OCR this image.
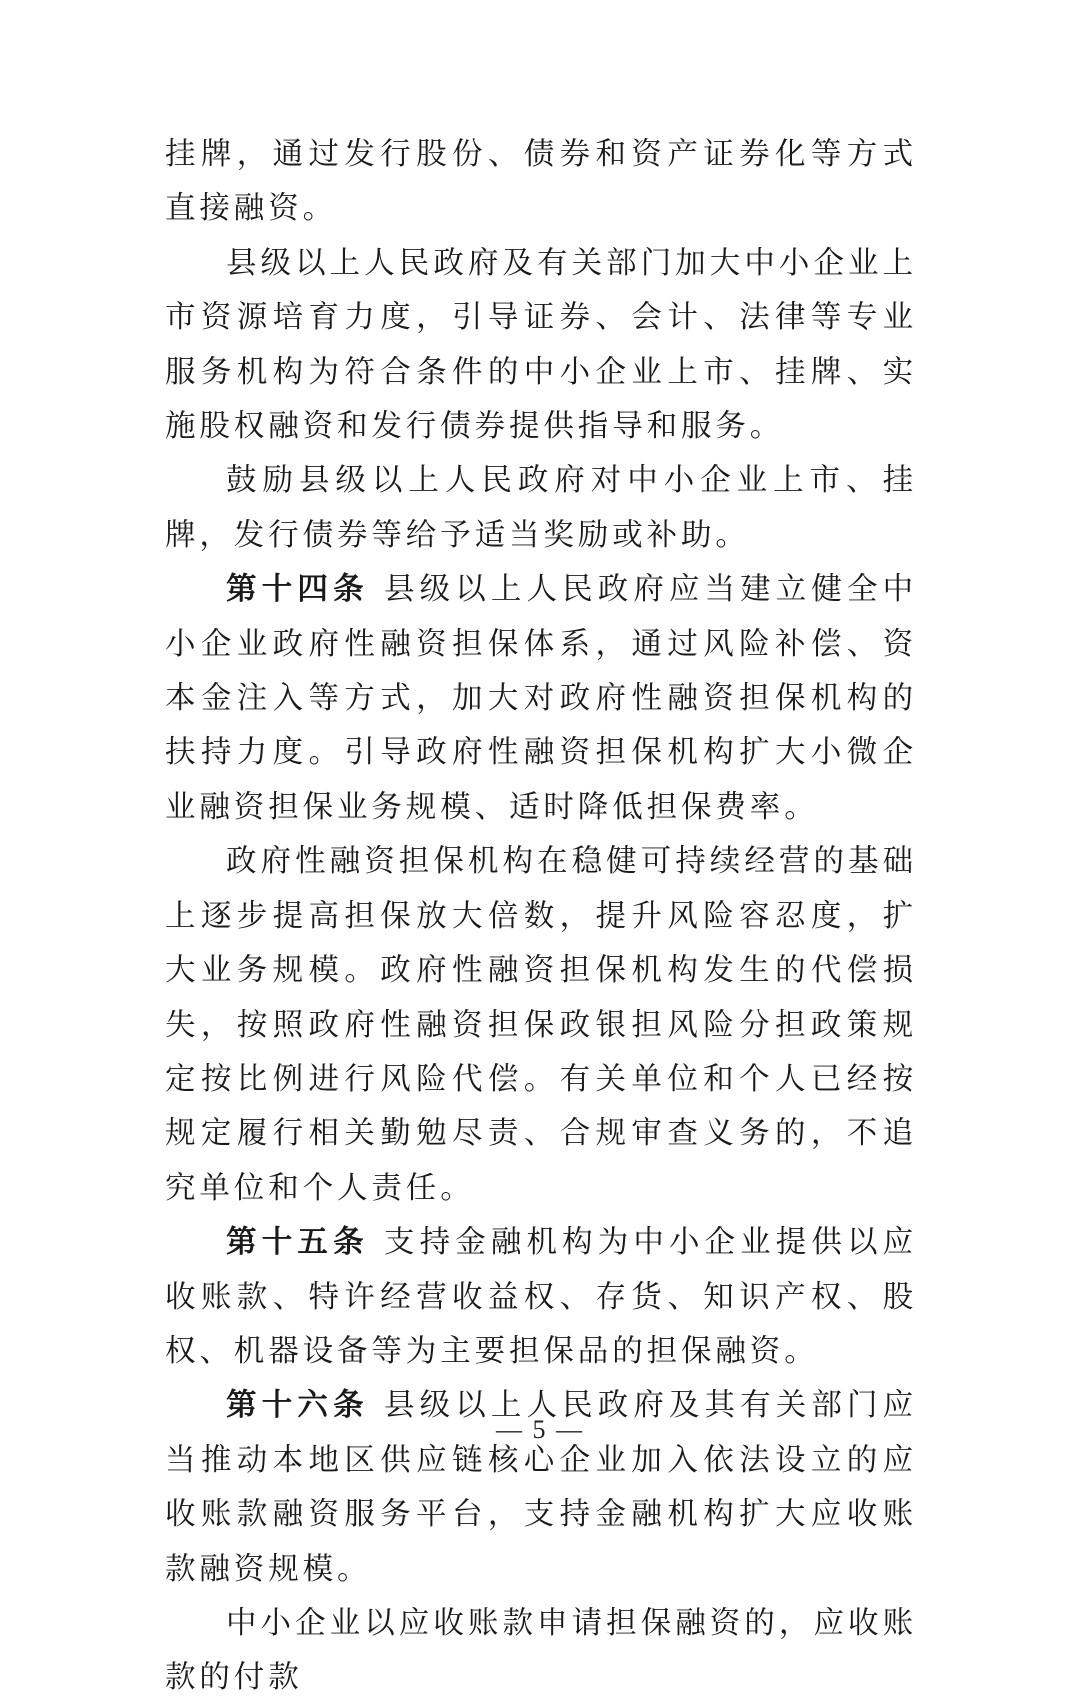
挂牌，通过发行股份、债券和资产证券化等方式直接融资。

县级以上人民政府及有关部门加大中小企业上市资源培育力度，引导证券、会计、法律等专业服务机构为符合条件的中小企业上市、挂牌、实施股权融资和发行债券提供指导和服务。

鼓励县级以上人民政府对中小企业上市、挂牌，发行债券等给予适当奖励或补助。

第十四条 县级以上人民政府应当建立健全中小企业政府性融资担保体系，通过风险补偿、资本金注入等方式，加大对政府性融资担保机构的扶持力度。引导政府性融资担保机构扩大小微企业融资担保业务规模、适时降低担保费率。

政府性融资担保机构在稳健可持续经营的基础上逐步提高担保放大倍数，提升风险容忍度，扩大业务规模。政府性融资担保机构发生的代偿损失，按照政府性融资担保政银担风险分担政策规定按比例进行风险代偿。有关单位和个人已经按规定履行相关勤勉尽责、合规审查义务的，不追究单位和个人责任。

第十五条 支持金融机构为中小企业提供以应收账款、特许经营收益权、存货、知识产权、股权、机器设备等为主要担保品的担保融资。

第十六条 县级以上人民政府及其有关部门应当推动本地区供应链核心企业加入依法设立的应收账款融资服务平台，支持金融机构扩大应收账款融资规模。

中小企业以应收账款申请担保融资的，应收账款的付款

— 5 —
